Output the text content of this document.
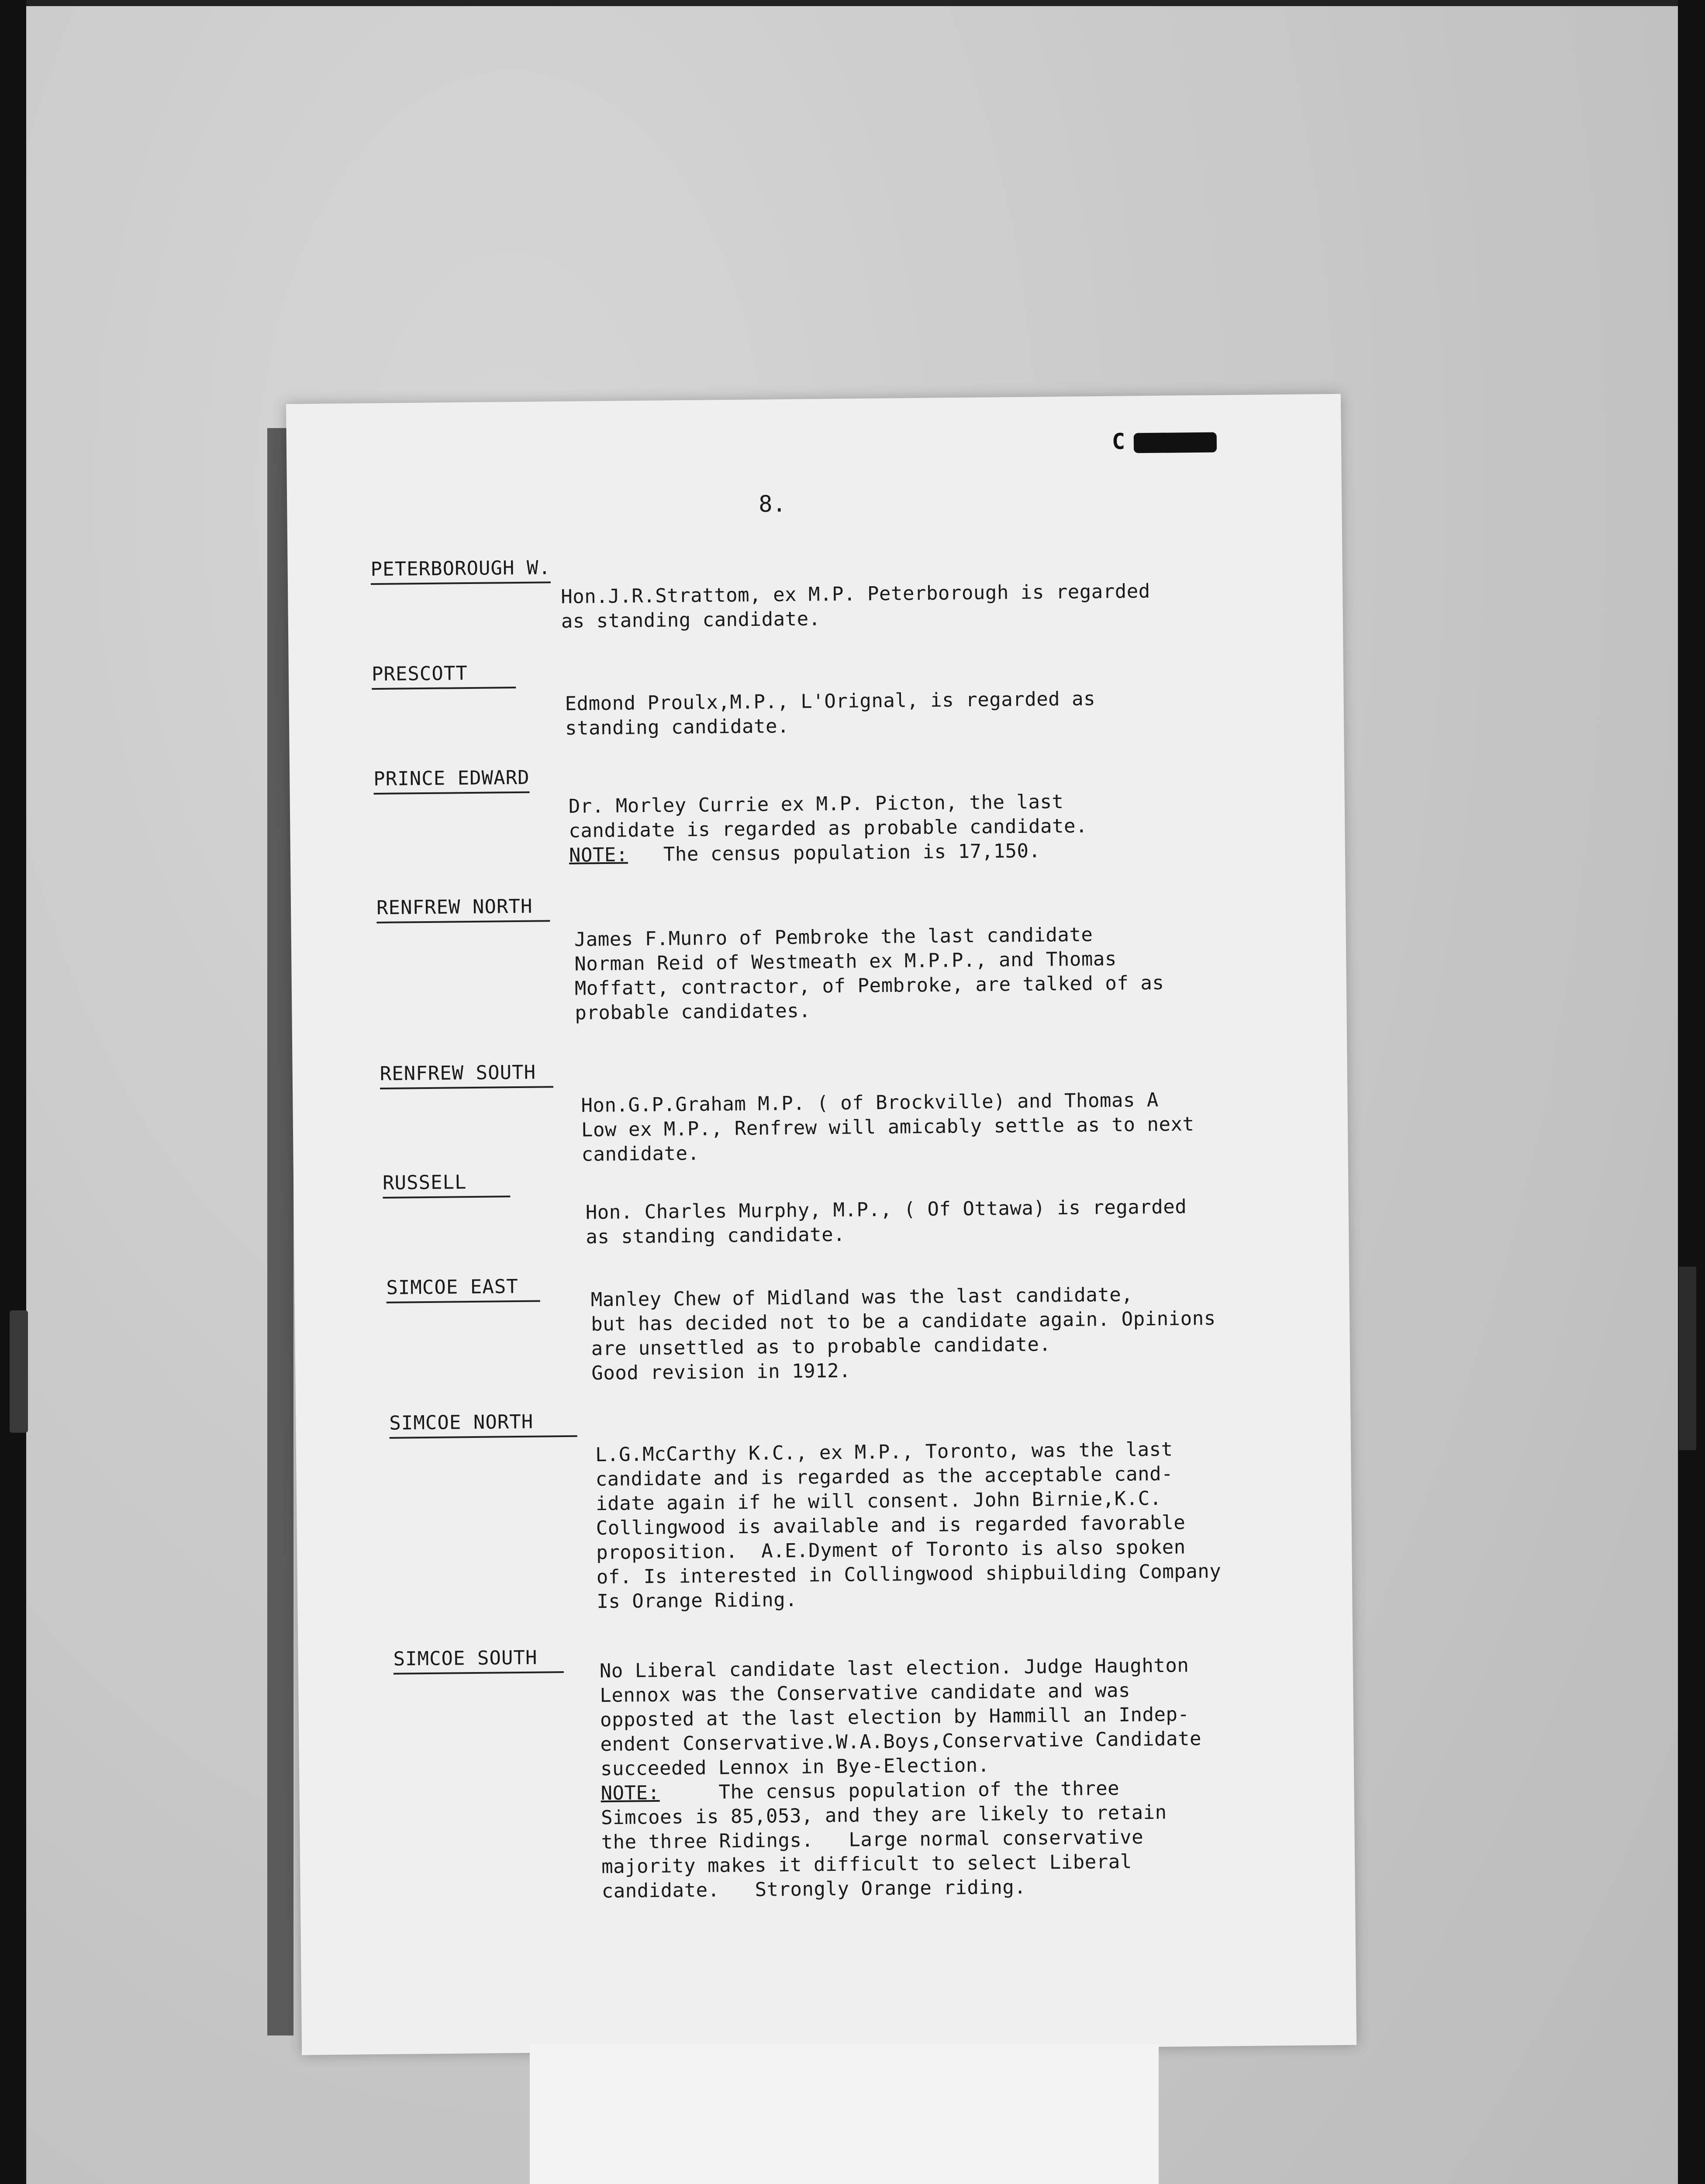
C
8.
PETERBOROUGH W.
Hon.J.R.Strattom, ex M.P. Peterborough is regarded
as standing candidate.
PRESCOTT
Edmond Proulx,M.P., L'Orignal, is regarded as
standing candidate.
PRINCE EDWARD
Dr. Morley Currie ex M.P. Picton, the last
candidate is regarded as probable candidate.
NOTE:   The census population is 17,150.
RENFREW NORTH
James F.Munro of Pembroke the last candidate
Norman Reid of Westmeath ex M.P.P., and Thomas
Moffatt, contractor, of Pembroke, are talked of as
probable candidates.
RENFREW SOUTH
Hon.G.P.Graham M.P. ( of Brockville) and Thomas A
Low ex M.P., Renfrew will amicably settle as to next
candidate.
RUSSELL
Hon. Charles Murphy, M.P., ( Of Ottawa) is regarded
as standing candidate.
SIMCOE EAST	Manley Chew of Midland was the last candidate,
but has decided not to be a candidate again. Opinions
are unsettled as to probable candidate.
Good revision in 1912.
SIMCOE NORTH
L.G.McCarthy K.C., ex M.P., Toronto, was the last
candidate and is regarded as the acceptable cand-
idate again if he will consent. John Birnie,K.C.
Collingwood is available and is regarded favorable
proposition.  A.E.Dyment of Toronto is also spoken
of. Is interested in Collingwood shipbuilding Company
Is Orange Riding.
SIMCOE SOUTH	No Liberal candidate last election. Judge Haughton
Lennox was the Conservative candidate and was
opposted at the last election by Hammill an Indep-
endent Conservative.W.A.Boys,Conservative Candidate
succeeded Lennox in Bye-Election.
NOTE:     The census population of the three
Simcoes is 85,053, and they are likely to retain
the three Ridings.   Large normal conservative
majority makes it difficult to select Liberal
candidate.   Strongly Orange riding.
